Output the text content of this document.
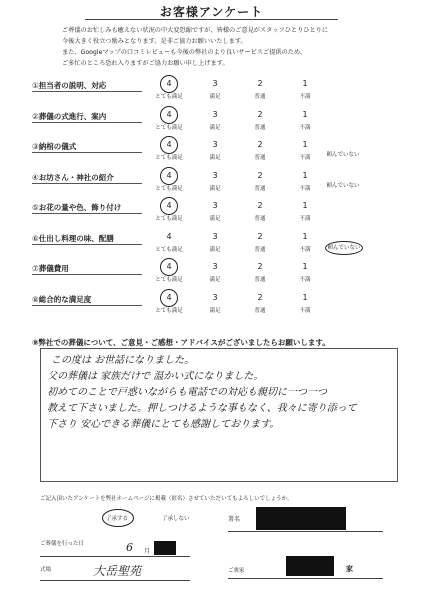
お客様アンケート
ご葬儀のお忙しみも癒えない状況の中大変恐縮ですが、皆様のご意見がスタッフひとりひとりに
今後大きく役立つ励みとなります。是非ご協力お願いいたします。
また、Googleマップの口コミレビューも今後の弊社のより良いサービスご提供のため、
ご多忙のところ恐れ入りますがご協力お願い申し上げます。
①担当者の説明、対応	4
とても満足
3
満足
2
普通
1
不満
②葬儀の式進行、案内	4
とても満足
3
満足
2
普通
1
不満
③納棺の儀式	4
とても満足
3
満足
2
普通
1
不満	頼んでいない
④お坊さん・神社の紹介	4
とても満足
3
満足
2
普通
1
不満	頼んでいない
⑤お花の量や色、飾り付け	4
とても満足
3
満足
2
普通
1
不満
⑥仕出し料理の味、配膳	4
とても満足
3
満足
2
普通
1
不満	頼んでいない
⑦葬儀費用	4
とても満足
3
満足
2
普通
1
不満
⑧総合的な満足度	4
とても満足
3
満足
2
普通
1
不満
⑨弊社での葬儀について、ご意見・ご感想・アドバイスがございましたらお願いします。
この度は お世話になりました。
父の葬儀は 家族だけで 温かい式になりました。
初めてのことで戸惑いながらも電話での対応も親切に一つ一つ
教えて下さいました。押しつけるような事もなく、我々に寄り添って
下さり 安心できる葬儀にとても感謝しております。
ご記入頂いたアンケートを弊社ホームページに掲載（匿名）させていただいてもよろしいでしょうか。
了承する	了承しない	署名
ご葬儀を行った日	6 月
式場	大岳聖苑	ご喪家	家
